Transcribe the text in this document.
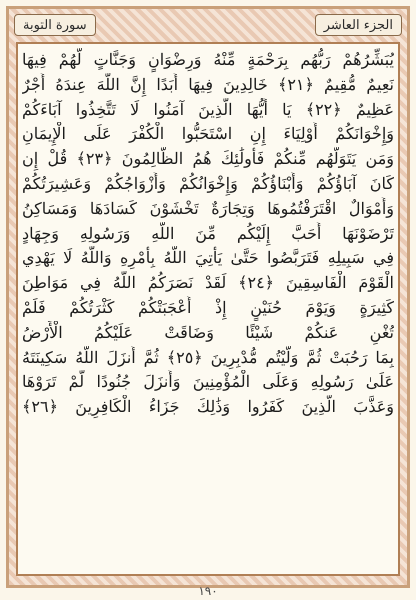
سورة التوبة	الجزء العاشر
يُبَشِّرُهُمْ رَبُّهُم بِرَحْمَةٍ مِّنْهُ وَرِضْوَانٍ وَجَنَّاتٍ لَّهُمْ فِيهَا
نَعِيمٌ مُّقِيمٌ ﴿٢١﴾ خَالِدِينَ فِيهَا أَبَدًا إِنَّ اللَّهَ عِندَهُ أَجْرٌ
عَظِيمٌ ﴿٢٢﴾ يَا أَيُّهَا الَّذِينَ آمَنُوا لَا تَتَّخِذُوا آبَاءَكُمْ
وَإِخْوَانَكُمْ أَوْلِيَاءَ إِنِ اسْتَحَبُّوا الْكُفْرَ عَلَى الْإِيمَانِ
وَمَن يَتَوَلَّهُم مِّنكُمْ فَأُولَٰئِكَ هُمُ الظَّالِمُونَ ﴿٢٣﴾ قُلْ إِن
كَانَ آبَاؤُكُمْ وَأَبْنَاؤُكُمْ وَإِخْوَانُكُمْ وَأَزْوَاجُكُمْ وَعَشِيرَتُكُمْ
وَأَمْوَالٌ اقْتَرَفْتُمُوهَا وَتِجَارَةٌ تَخْشَوْنَ كَسَادَهَا وَمَسَاكِنُ
تَرْضَوْنَهَا أَحَبَّ إِلَيْكُم مِّنَ اللَّهِ وَرَسُولِهِ وَجِهَادٍ
فِي سَبِيلِهِ فَتَرَبَّصُوا حَتَّىٰ يَأْتِيَ اللَّهُ بِأَمْرِهِ وَاللَّهُ لَا يَهْدِي
الْقَوْمَ الْفَاسِقِينَ ﴿٢٤﴾ لَقَدْ نَصَرَكُمُ اللَّهُ فِي مَوَاطِنَ
كَثِيرَةٍ وَيَوْمَ حُنَيْنٍ إِذْ أَعْجَبَتْكُمْ كَثْرَتُكُمْ فَلَمْ
تُغْنِ عَنكُمْ شَيْئًا وَضَاقَتْ عَلَيْكُمُ الْأَرْضُ
بِمَا رَحُبَتْ ثُمَّ وَلَّيْتُم مُّدْبِرِينَ ﴿٢٥﴾ ثُمَّ أَنزَلَ اللَّهُ سَكِينَتَهُ
عَلَىٰ رَسُولِهِ وَعَلَى الْمُؤْمِنِينَ وَأَنزَلَ جُنُودًا لَّمْ تَرَوْهَا
وَعَذَّبَ الَّذِينَ كَفَرُوا وَذَٰلِكَ جَزَاءُ الْكَافِرِينَ ﴿٢٦﴾
١٩٠
